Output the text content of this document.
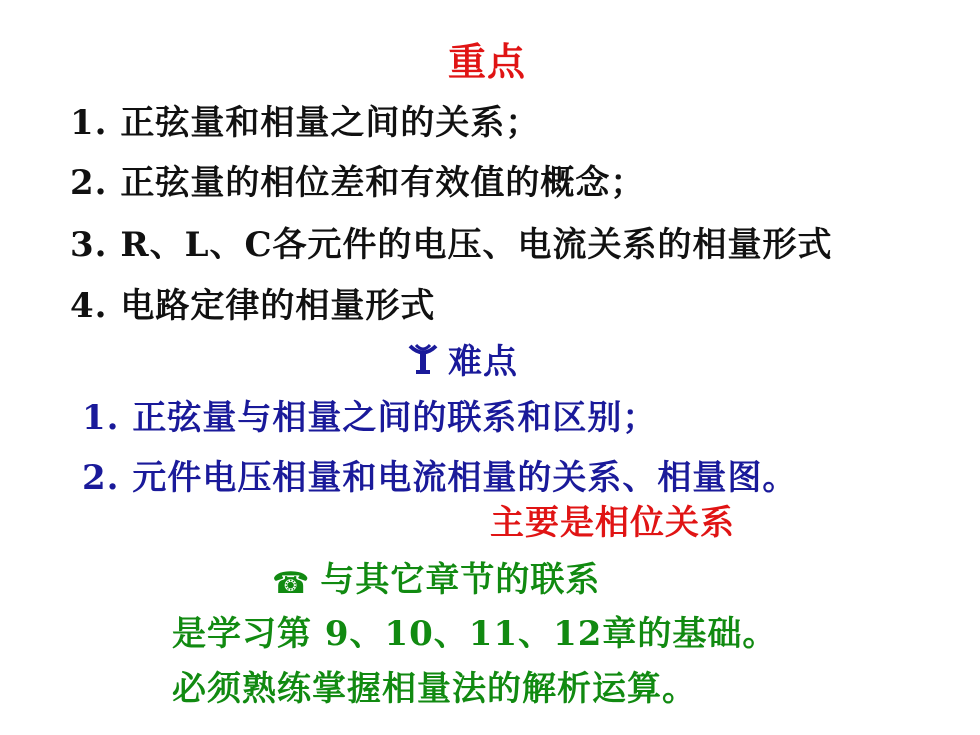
重点
1. 正弦量和相量之间的关系；
2. 正弦量的相位差和有效值的概念；
3. R、L、C各元件的电压、电流关系的相量形式
4. 电路定律的相量形式
难点
1. 正弦量与相量之间的联系和区别；
2. 元件电压相量和电流相量的关系、相量图。
主要是相位关系
☎ 与其它章节的联系
是学习第 9、10、11、12章的基础。
必须熟练掌握相量法的解析运算。
